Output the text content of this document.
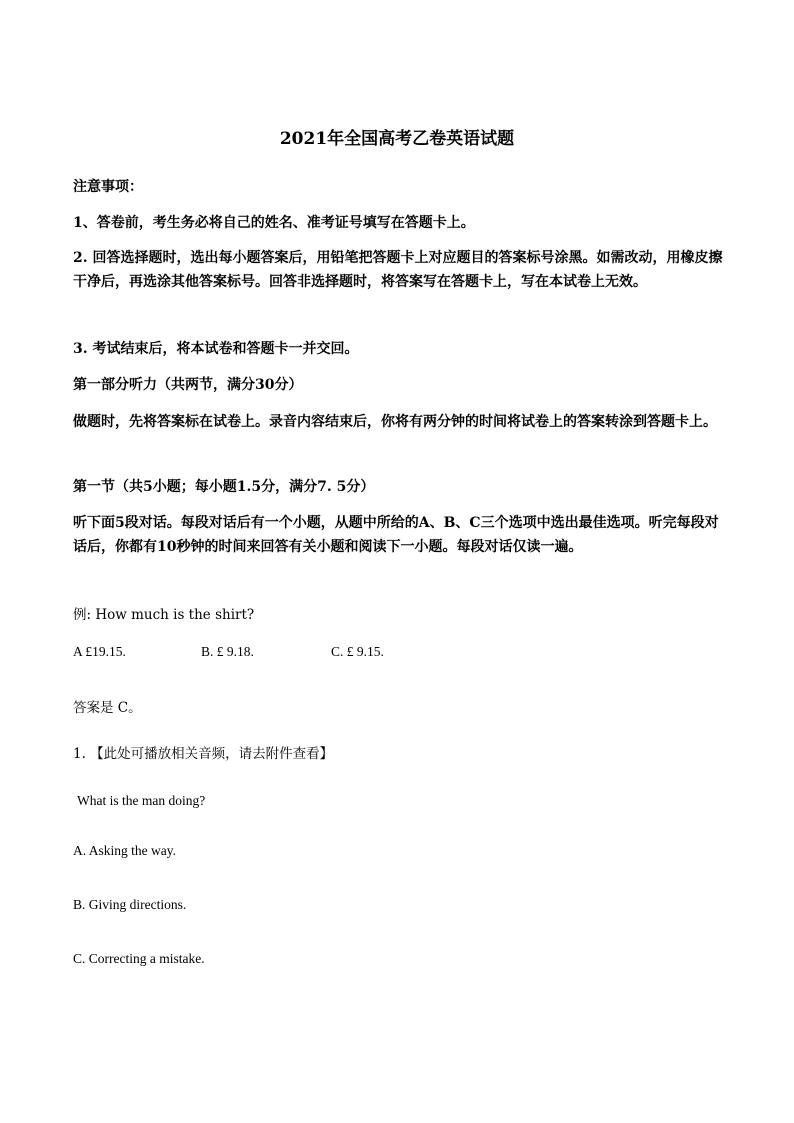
2021年全国高考乙卷英语试题
注意事项：
1、答卷前，考生务必将自己的姓名、准考证号填写在答题卡上。
2. 回答选择题时，选出每小题答案后，用铅笔把答题卡上对应题目的答案标号涂黑。如需改动，用橡皮擦干净后，再选涂其他答案标号。回答非选择题时，将答案写在答题卡上，写在本试卷上无效。
3. 考试结束后，将本试卷和答题卡一并交回。
第一部分听力（共两节，满分30分）
做题时，先将答案标在试卷上。录音内容结束后，你将有两分钟的时间将试卷上的答案转涂到答题卡上。
第一节（共5小题；每小题1.5分，满分7. 5分）
听下面5段对话。每段对话后有一个小题，从题中所给的A、B、C三个选项中选出最佳选项。听完每段对话后，你都有10秒钟的时间来回答有关小题和阅读下一小题。每段对话仅读一遍。
例: How much is the shirt?
A £19.15.	B. £ 9.18.	C. £ 9.15.
答案是 C。
1. 【此处可播放相关音频，请去附件查看】
What is the man doing?
A. Asking the way.
B. Giving directions.
C. Correcting a mistake.
